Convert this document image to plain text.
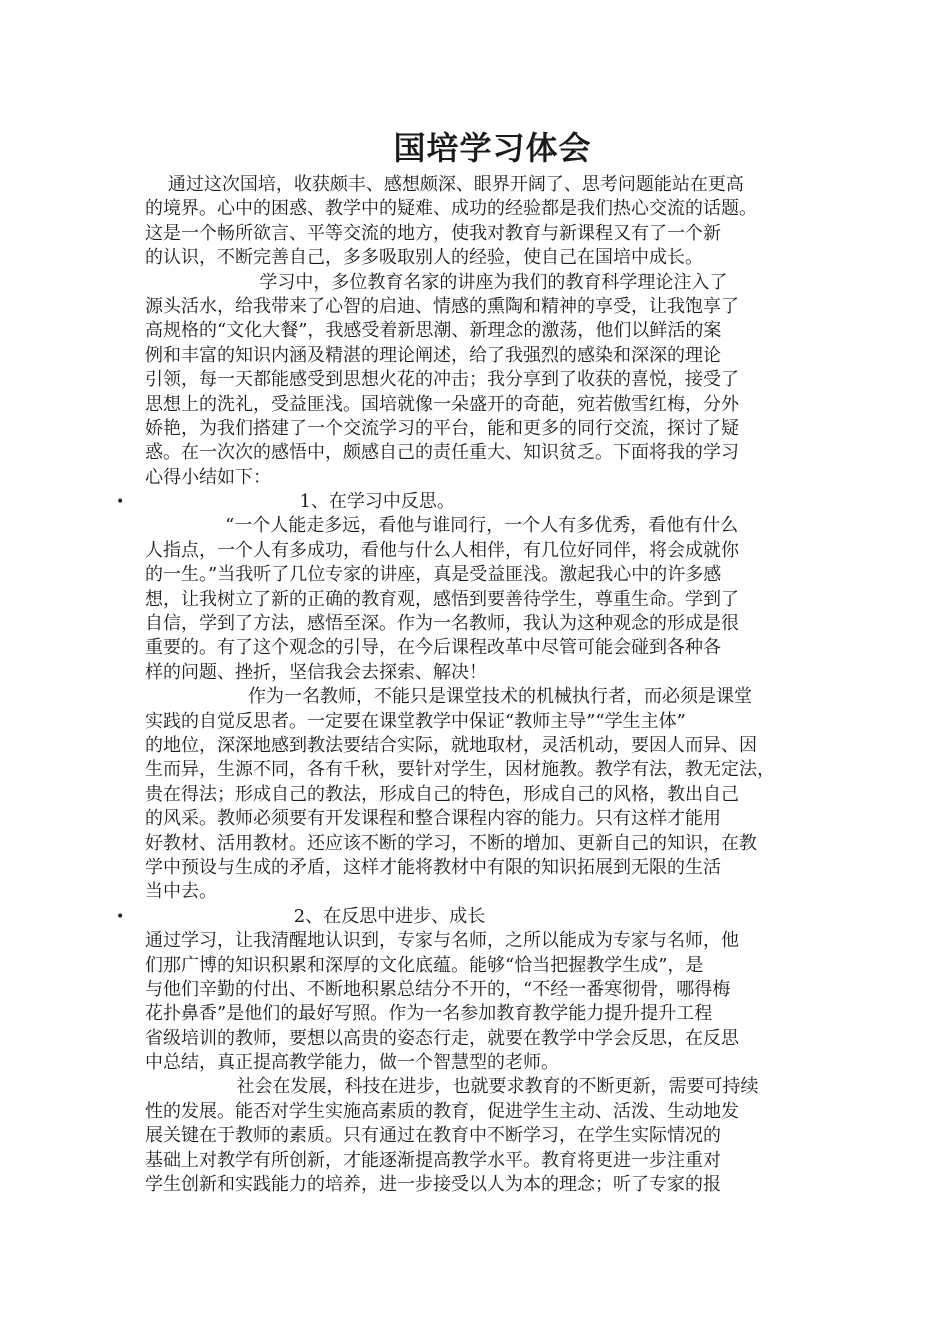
国培学习体会
通过这次国培，收获颇丰、感想颇深、眼界开阔了、思考问题能站在更高
的境界。心中的困惑、教学中的疑难、成功的经验都是我们热心交流的话题。
这是一个畅所欲言、平等交流的地方，使我对教育与新课程又有了一个新
的认识，不断完善自己，多多吸取别人的经验，使自己在国培中成长。
学习中，多位教育名家的讲座为我们的教育科学理论注入了
源头活水，给我带来了心智的启迪、情感的熏陶和精神的享受，让我饱享了
高规格的“文化大餐”，我感受着新思潮、新理念的激荡，他们以鲜活的案
例和丰富的知识内涵及精湛的理论阐述，给了我强烈的感染和深深的理论
引领，每一天都能感受到思想火花的冲击；我分享到了收获的喜悦，接受了
思想上的洗礼，受益匪浅。国培就像一朵盛开的奇葩，宛若傲雪红梅，分外
娇艳，为我们搭建了一个交流学习的平台，能和更多的同行交流，探讨了疑
惑。在一次次的感悟中，颇感自己的责任重大、知识贫乏。下面将我的学习
心得小结如下：
• 1、在学习中反思。
“一个人能走多远，看他与谁同行，一个人有多优秀，看他有什么
人指点，一个人有多成功，看他与什么人相伴，有几位好同伴，将会成就你
的一生。”当我听了几位专家的讲座，真是受益匪浅。激起我心中的许多感
想，让我树立了新的正确的教育观，感悟到要善待学生，尊重生命。学到了
自信，学到了方法，感悟至深。作为一名教师，我认为这种观念的形成是很
重要的。有了这个观念的引导，在今后课程改革中尽管可能会碰到各种各
样的问题、挫折，坚信我会去探索、解决！
作为一名教师，不能只是课堂技术的机械执行者，而必须是课堂
实践的自觉反思者。一定要在课堂教学中保证“教师主导”“学生主体”
的地位，深深地感到教法要结合实际，就地取材，灵活机动，要因人而异、因
生而异，生源不同，各有千秋，要针对学生，因材施教。教学有法，教无定法，
贵在得法；形成自己的教法，形成自己的特色，形成自己的风格，教出自己
的风采。教师必须要有开发课程和整合课程内容的能力。只有这样才能用
好教材、活用教材。还应该不断的学习，不断的增加、更新自己的知识，在教
学中预设与生成的矛盾，这样才能将教材中有限的知识拓展到无限的生活
当中去。
• 2、在反思中进步、成长
通过学习，让我清醒地认识到，专家与名师，之所以能成为专家与名师，他
们那广博的知识积累和深厚的文化底蕴。能够“恰当把握教学生成”，是
与他们辛勤的付出、不断地积累总结分不开的，“不经一番寒彻骨，哪得梅
花扑鼻香”是他们的最好写照。作为一名参加教育教学能力提升提升工程
省级培训的教师，要想以高贵的姿态行走，就要在教学中学会反思，在反思
中总结，真正提高教学能力，做一个智慧型的老师。
社会在发展，科技在进步，也就要求教育的不断更新，需要可持续
性的发展。能否对学生实施高素质的教育，促进学生主动、活泼、生动地发
展关键在于教师的素质。只有通过在教育中不断学习，在学生实际情况的
基础上对教学有所创新，才能逐渐提高教学水平。教育将更进一步注重对
学生创新和实践能力的培养，进一步接受以人为本的理念；听了专家的报
